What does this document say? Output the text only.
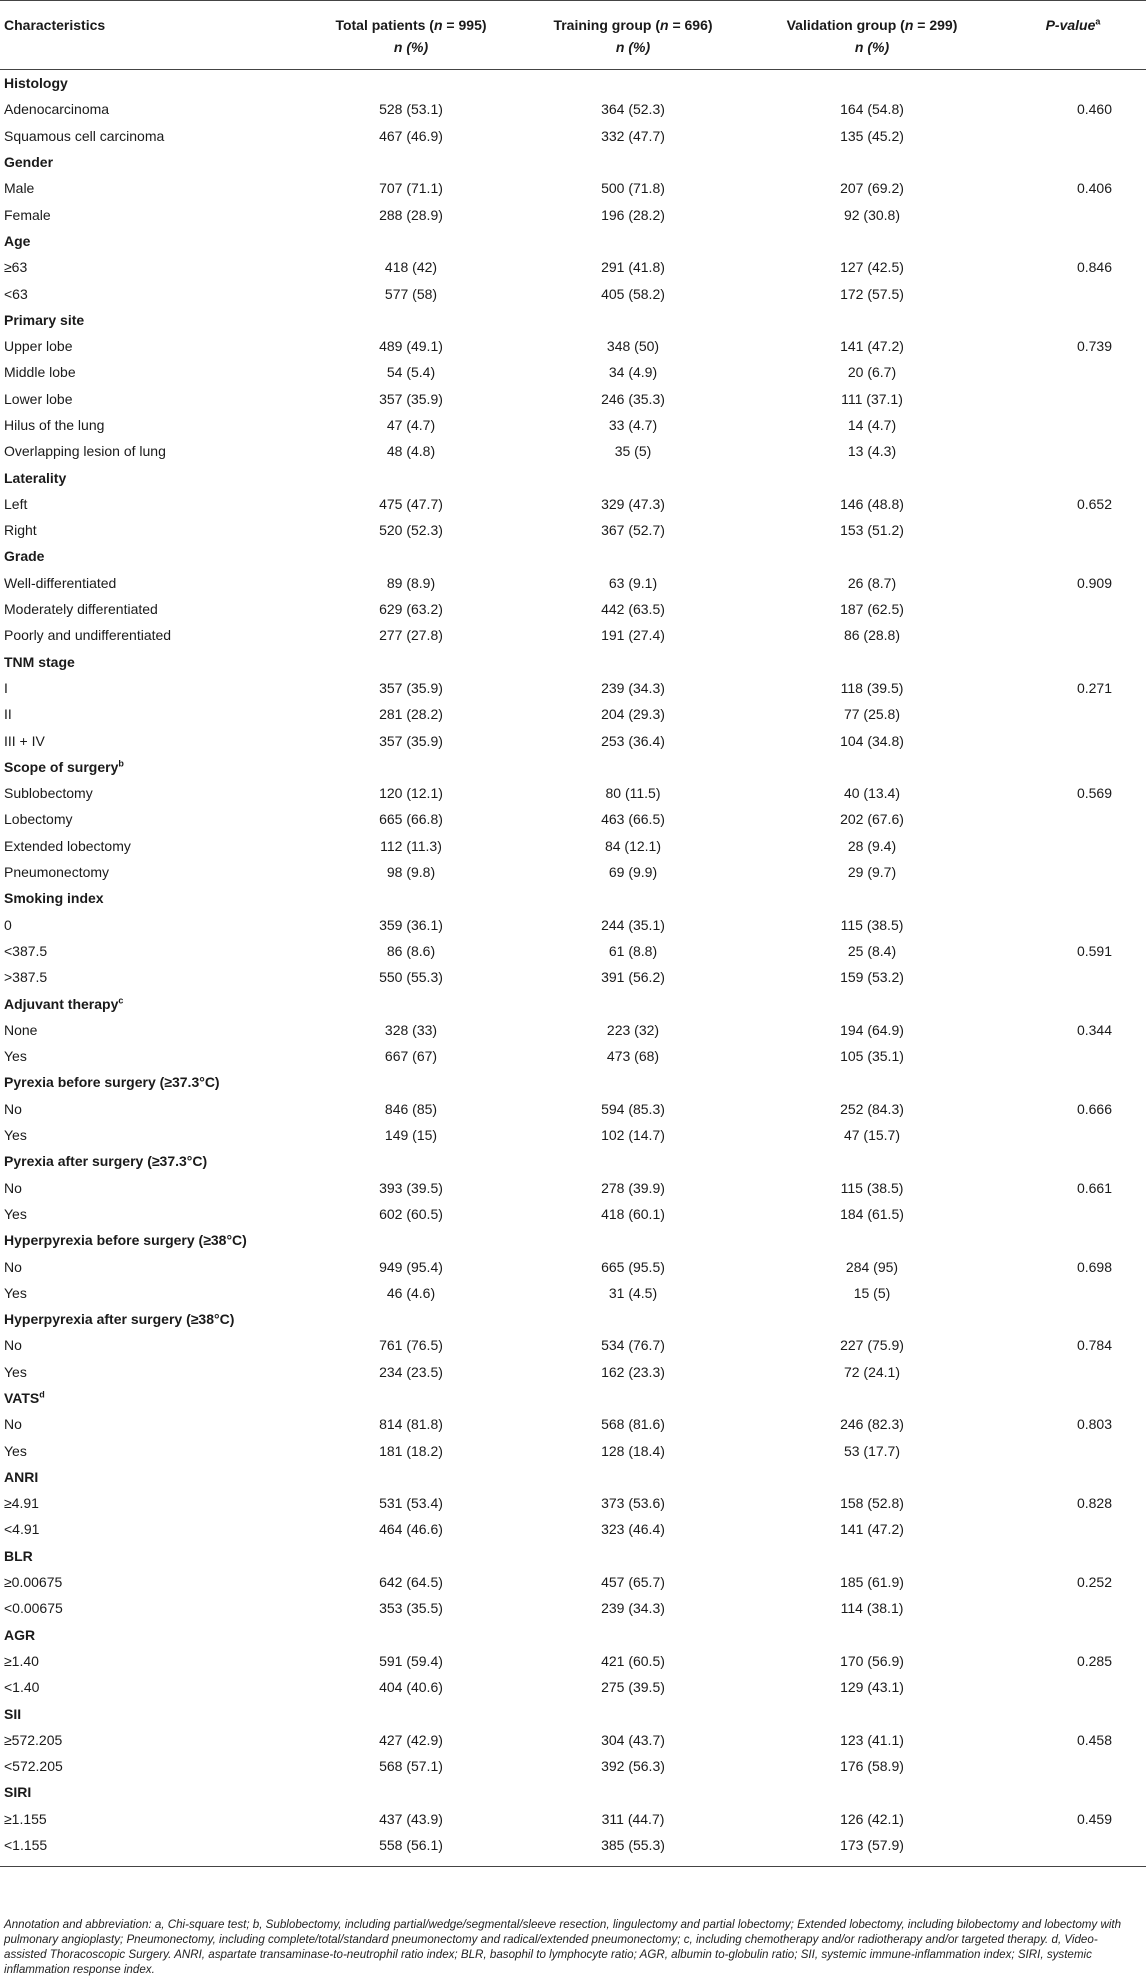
Characteristics	Total patients (n = 995)	Training group (n = 696)	Validation group (n = 299)	P-value$^a$
	n (%)	n (%)	n (%)	
Histology				
Adenocarcinoma	528 (53.1)	364 (52.3)	164 (54.8)	0.460
Squamous cell carcinoma	467 (46.9)	332 (47.7)	135 (45.2)	
Gender				
Male	707 (71.1)	500 (71.8)	207 (69.2)	0.406
Female	288 (28.9)	196 (28.2)	92 (30.8)	
Age				
≥63	418 (42)	291 (41.8)	127 (42.5)	0.846
<63	577 (58)	405 (58.2)	172 (57.5)	
Primary site				
Upper lobe	489 (49.1)	348 (50)	141 (47.2)	0.739
Middle lobe	54 (5.4)	34 (4.9)	20 (6.7)	
Lower lobe	357 (35.9)	246 (35.3)	111 (37.1)	
Hilus of the lung	47 (4.7)	33 (4.7)	14 (4.7)	
Overlapping lesion of lung	48 (4.8)	35 (5)	13 (4.3)	
Laterality				
Left	475 (47.7)	329 (47.3)	146 (48.8)	0.652
Right	520 (52.3)	367 (52.7)	153 (51.2)	
Grade				
Well-differentiated	89 (8.9)	63 (9.1)	26 (8.7)	0.909
Moderately differentiated	629 (63.2)	442 (63.5)	187 (62.5)	
Poorly and undifferentiated	277 (27.8)	191 (27.4)	86 (28.8)	
TNM stage				
I	357 (35.9)	239 (34.3)	118 (39.5)	0.271
II	281 (28.2)	204 (29.3)	77 (25.8)	
III + IV	357 (35.9)	253 (36.4)	104 (34.8)	
Scope of surgery$^b$				
Sublobectomy	120 (12.1)	80 (11.5)	40 (13.4)	0.569
Lobectomy	665 (66.8)	463 (66.5)	202 (67.6)	
Extended lobectomy	112 (11.3)	84 (12.1)	28 (9.4)	
Pneumonectomy	98 (9.8)	69 (9.9)	29 (9.7)	
Smoking index				
0	359 (36.1)	244 (35.1)	115 (38.5)	
<387.5	86 (8.6)	61 (8.8)	25 (8.4)	0.591
>387.5	550 (55.3)	391 (56.2)	159 (53.2)	
Adjuvant therapy$^c$				
None	328 (33)	223 (32)	194 (64.9)	0.344
Yes	667 (67)	473 (68)	105 (35.1)	
Pyrexia before surgery (≥37.3°C)				
No	846 (85)	594 (85.3)	252 (84.3)	0.666
Yes	149 (15)	102 (14.7)	47 (15.7)	
Pyrexia after surgery (≥37.3°C)				
No	393 (39.5)	278 (39.9)	115 (38.5)	0.661
Yes	602 (60.5)	418 (60.1)	184 (61.5)	
Hyperpyrexia before surgery (≥38°C)				
No	949 (95.4)	665 (95.5)	284 (95)	0.698
Yes	46 (4.6)	31 (4.5)	15 (5)	
Hyperpyrexia after surgery (≥38°C)				
No	761 (76.5)	534 (76.7)	227 (75.9)	0.784
Yes	234 (23.5)	162 (23.3)	72 (24.1)	
VATS$^d$				
No	814 (81.8)	568 (81.6)	246 (82.3)	0.803
Yes	181 (18.2)	128 (18.4)	53 (17.7)	
ANRI				
≥4.91	531 (53.4)	373 (53.6)	158 (52.8)	0.828
<4.91	464 (46.6)	323 (46.4)	141 (47.2)	
BLR				
≥0.00675	642 (64.5)	457 (65.7)	185 (61.9)	0.252
<0.00675	353 (35.5)	239 (34.3)	114 (38.1)	
AGR				
≥1.40	591 (59.4)	421 (60.5)	170 (56.9)	0.285
<1.40	404 (40.6)	275 (39.5)	129 (43.1)	
SII				
≥572.205	427 (42.9)	304 (43.7)	123 (41.1)	0.458
<572.205	568 (57.1)	392 (56.3)	176 (58.9)	
SIRI				
≥1.155	437 (43.9)	311 (44.7)	126 (42.1)	0.459
<1.155	558 (56.1)	385 (55.3)	173 (57.9)	
Annotation and abbreviation: a, Chi-square test; b, Sublobectomy, including partial/wedge/segmental/sleeve resection, lingulectomy and partial lobectomy; Extended lobectomy, including bilobectomy and lobectomy with pulmonary angioplasty; Pneumonectomy, including complete/total/standard pneumonectomy and radical/extended pneumonectomy; c, including chemotherapy and/or radiotherapy and/or targeted therapy. d, Video-assisted Thoracoscopic Surgery. ANRI, aspartate transaminase-to-neutrophil ratio index; BLR, basophil to lymphocyte ratio; AGR, albumin to-globulin ratio; SII, systemic immune-inflammation index; SIRI, systemic inflammation response index.
